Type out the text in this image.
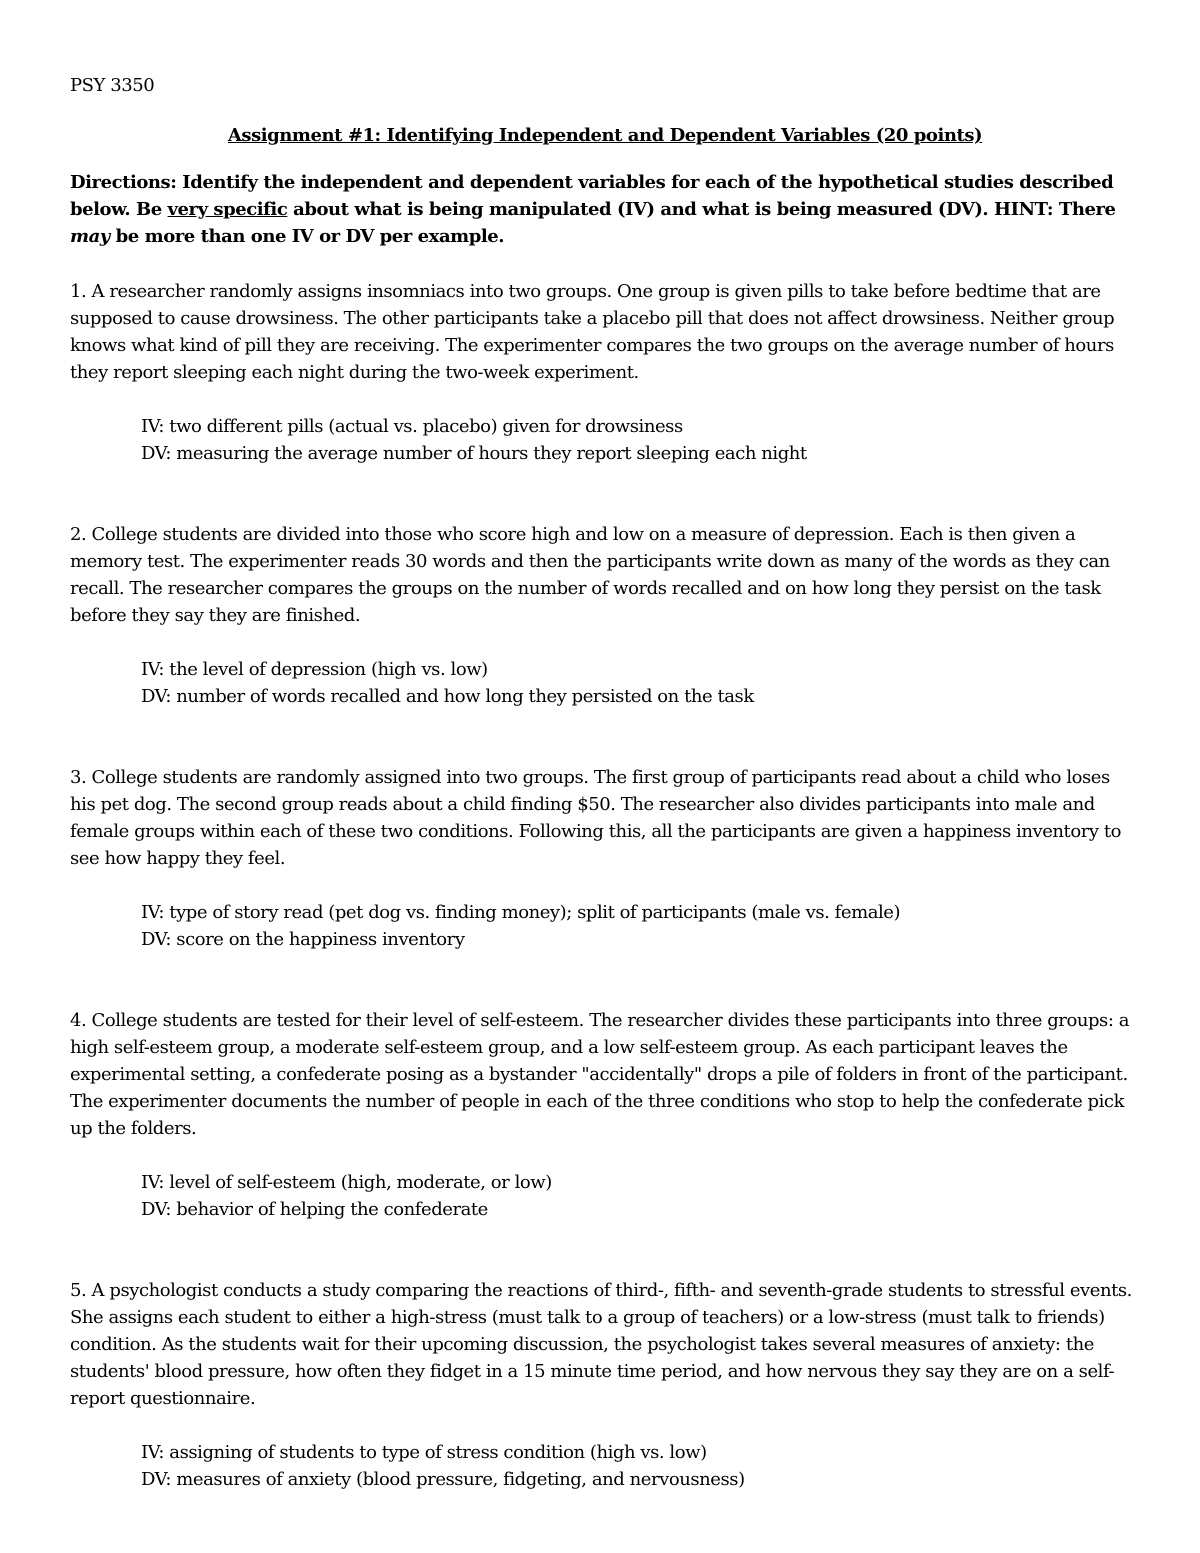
PSY 3350

Assignment #1: Identifying Independent and Dependent Variables (20 points)

Directions: Identify the independent and dependent variables for each of the hypothetical studies described below. Be very specific about what is being manipulated (IV) and what is being measured (DV). HINT: There may be more than one IV or DV per example.

1. A researcher randomly assigns insomniacs into two groups. One group is given pills to take before bedtime that are supposed to cause drowsiness. The other participants take a placebo pill that does not affect drowsiness. Neither group knows what kind of pill they are receiving. The experimenter compares the two groups on the average number of hours they report sleeping each night during the two-week experiment.

IV: two different pills (actual vs. placebo) given for drowsiness

DV: measuring the average number of hours they report sleeping each night

2. College students are divided into those who score high and low on a measure of depression. Each is then given a memory test. The experimenter reads 30 words and then the participants write down as many of the words as they can recall. The researcher compares the groups on the number of words recalled and on how long they persist on the task before they say they are finished.

IV: the level of depression (high vs. low)

DV: number of words recalled and how long they persisted on the task

3. College students are randomly assigned into two groups. The first group of participants read about a child who loses his pet dog. The second group reads about a child finding $50. The researcher also divides participants into male and female groups within each of these two conditions. Following this, all the participants are given a happiness inventory to see how happy they feel.

IV: type of story read (pet dog vs. finding money); split of participants (male vs. female)

DV: score on the happiness inventory

4. College students are tested for their level of self-esteem. The researcher divides these participants into three groups: a high self-esteem group, a moderate self-esteem group, and a low self-esteem group. As each participant leaves the experimental setting, a confederate posing as a bystander "accidentally" drops a pile of folders in front of the participant. The experimenter documents the number of people in each of the three conditions who stop to help the confederate pick up the folders.

IV: level of self-esteem (high, moderate, or low)

DV: behavior of helping the confederate

5. A psychologist conducts a study comparing the reactions of third-, fifth- and seventh-grade students to stressful events. She assigns each student to either a high-stress (must talk to a group of teachers) or a low-stress (must talk to friends) condition. As the students wait for their upcoming discussion, the psychologist takes several measures of anxiety: the students' blood pressure, how often they fidget in a 15 minute time period, and how nervous they say they are on a self-report questionnaire.

IV: assigning of students to type of stress condition (high vs. low)

DV: measures of anxiety (blood pressure, fidgeting, and nervousness)
